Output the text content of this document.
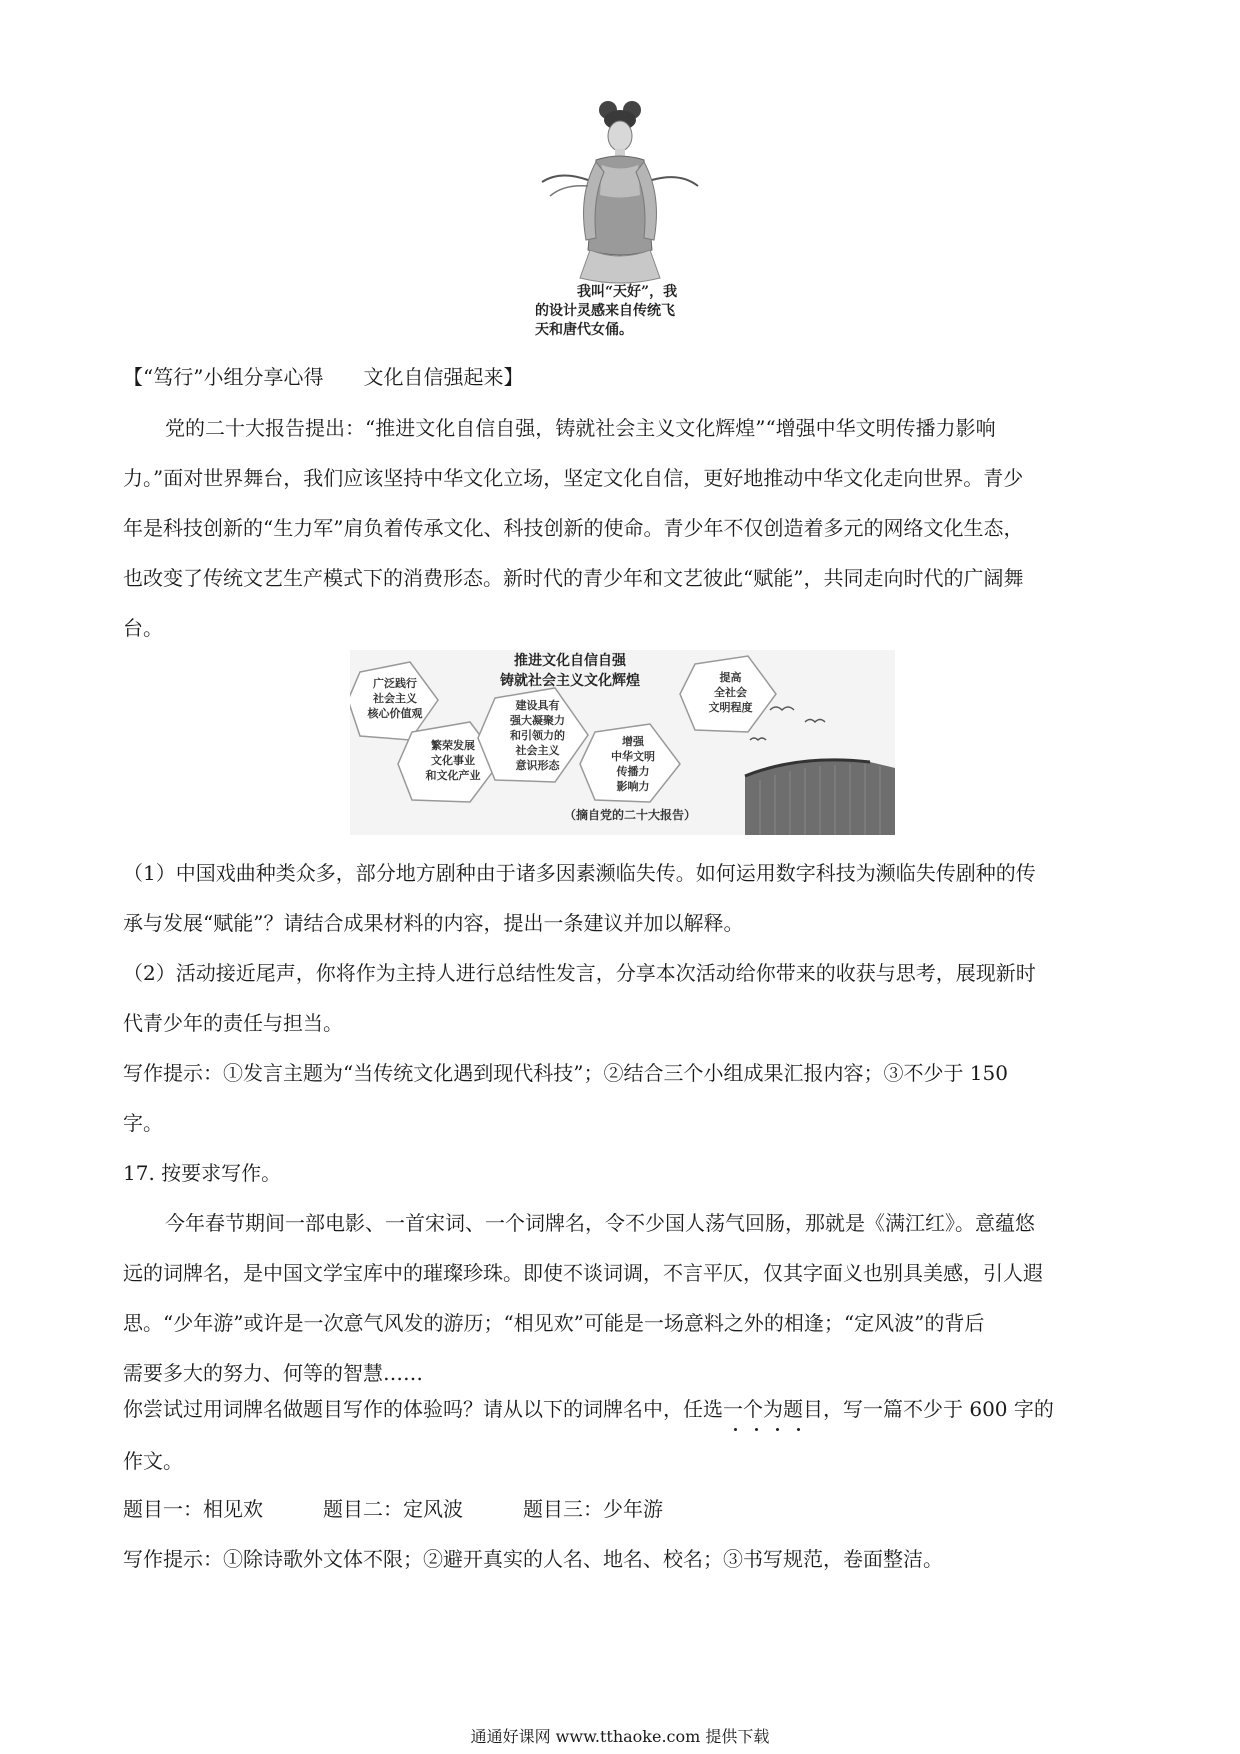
我叫“天好”，我
的设计灵感来自传统飞
天和唐代女俑。
【“笃行”小组分享心得　　文化自信强起来】
党的二十大报告提出：“推进文化自信自强，铸就社会主义文化辉煌”“增强中华文明传播力影响
力。”面对世界舞台，我们应该坚持中华文化立场，坚定文化自信，更好地推动中华文化走向世界。青少
年是科技创新的“生力军”肩负着传承文化、科技创新的使命。青少年不仅创造着多元的网络文化生态，
也改变了传统文艺生产模式下的消费形态。新时代的青少年和文艺彼此“赋能”，共同走向时代的广阔舞
台。
推进文化自信自强
铸就社会主义文化辉煌
广泛践行
社会主义
核心价值观
繁荣发展
文化事业
和文化产业
建设具有
强大凝聚力
和引领力的
社会主义
意识形态
增强
中华文明
传播力
影响力
提高
全社会
文明程度
（摘自党的二十大报告）
（1）中国戏曲种类众多，部分地方剧种由于诸多因素濒临失传。如何运用数字科技为濒临失传剧种的传
承与发展“赋能”？请结合成果材料的内容，提出一条建议并加以解释。
（2）活动接近尾声，你将作为主持人进行总结性发言，分享本次活动给你带来的收获与思考，展现新时
代青少年的责任与担当。
写作提示：①发言主题为“当传统文化遇到现代科技”；②结合三个小组成果汇报内容；③不少于 150
字。
17. 按要求写作。
今年春节期间一部电影、一首宋词、一个词牌名，令不少国人荡气回肠，那就是《满江红》。意蕴悠
远的词牌名，是中国文学宝库中的璀璨珍珠。即使不谈词调，不言平仄，仅其字面义也别具美感，引人遐
思。“少年游”或许是一次意气风发的游历；“相见欢”可能是一场意料之外的相逢；“定风波”的背后
需要多大的努力、何等的智慧……
你尝试过用词牌名做题目写作的体验吗？请从以下的词牌名中，任选一个为题目，写一篇不少于 600 字的
作文。
题目一：相见欢　　　题目二：定风波　　　题目三：少年游
写作提示：①除诗歌外文体不限；②避开真实的人名、地名、校名；③书写规范，卷面整洁。
通通好课网 www.tthaoke.com 提供下载
